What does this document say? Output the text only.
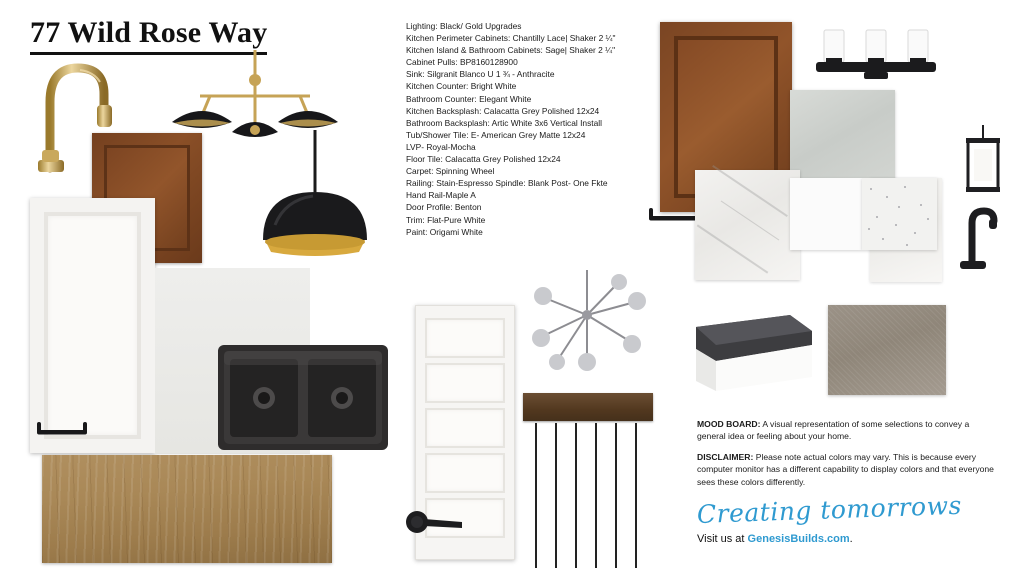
77 Wild Rose Way	Lighting: Black/ Gold Upgrades
Kitchen Perimeter Cabinets: Chantilly Lace| Shaker 2 ¼"
Kitchen Island & Bathroom Cabinets: Sage| Shaker 2 ¼"
Cabinet Pulls: BP8160128900
Sink: Silgranit Blanco U 1 ¾ - Anthracite
Kitchen Counter: Bright White
Bathroom Counter: Elegant White
Kitchen Backsplash: Calacatta Grey Polished 12x24
Bathroom Backsplash: Artic White 3x6 Vertical Install
Tub/Shower Tile: E- American Grey Matte 12x24
LVP- Royal-Mocha
Floor Tile: Calacatta Grey Polished 12x24
Carpet: Spinning Wheel
Railing: Stain-Espresso Spindle: Blank Post- One Fkte
Hand Rail-Maple A
Door Profile: Benton
Trim: Flat-Pure White
Paint: Origami White

MOOD BOARD: A visual representation of some selections to convey a general idea or feeling about your home.

DISCLAIMER: Please note actual colors may vary. This is because every computer monitor has a different capability to display colors and that everyone sees these colors differently.

Creating tomorrows
Visit us at GenesisBuilds.com.
